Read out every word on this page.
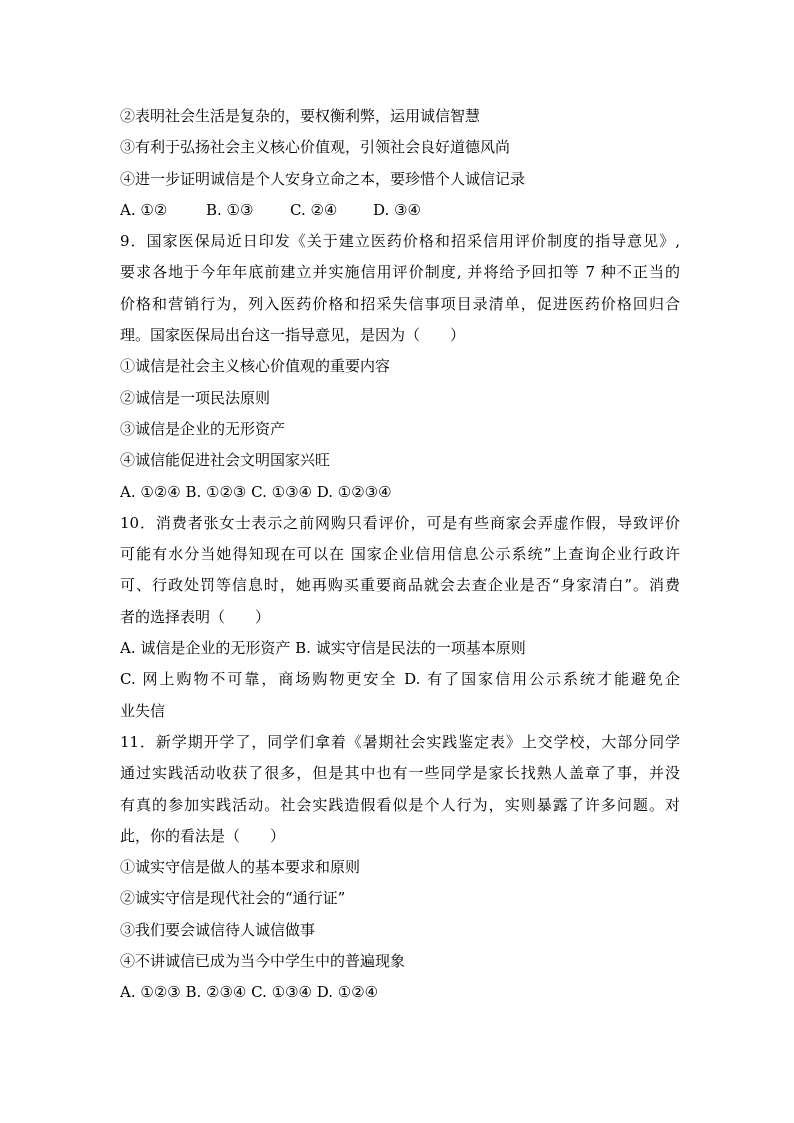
②表明社会生活是复杂的，要权衡利弊，运用诚信智慧
③有利于弘扬社会主义核心价值观，引领社会良好道德风尚
④进一步证明诚信是个人安身立命之本，要珍惜个人诚信记录
A. ①②	B. ①③ C. ②④ D. ③④
9．国家医保局近日印发《关于建立医药价格和招采信用评价制度的指导意见》,
要求各地于今年年底前建立并实施信用评价制度, 并将给予回扣等 7 种不正当的
价格和营销行为，列入医药价格和招采失信事项目录清单，促进医药价格回归合
理。国家医保局出台这一指导意见，是因为（　　）
①诚信是社会主义核心价值观的重要内容
②诚信是一项民法原则
③诚信是企业的无形资产
④诚信能促进社会文明国家兴旺
A. ①②④ B. ①②③ C. ①③④ D. ①②③④
10．消费者张女士表示之前网购只看评价，可是有些商家会弄虚作假，导致评价
可能有水分当她得知现在可以在 国家企业信用信息公示系统”上查询企业行政许
可、行政处罚等信息时，她再购买重要商品就会去查企业是否“身家清白”。消费
者的选择表明（　　）
A. 诚信是企业的无形资产 B. 诚实守信是民法的一项基本原则
C. 网上购物不可靠，商场购物更安全 D. 有了国家信用公示系统才能避免企
业失信
11．新学期开学了，同学们拿着《暑期社会实践鉴定表》上交学校，大部分同学
通过实践活动收获了很多，但是其中也有一些同学是家长找熟人盖章了事，并没
有真的参加实践活动。社会实践造假看似是个人行为，实则暴露了许多问题。对
此，你的看法是（　　）
①诚实守信是做人的基本要求和原则
②诚实守信是现代社会的“通行证”
③我们要会诚信待人诚信做事
④不讲诚信已成为当今中学生中的普遍现象
A. ①②③ B. ②③④ C. ①③④ D. ①②④
